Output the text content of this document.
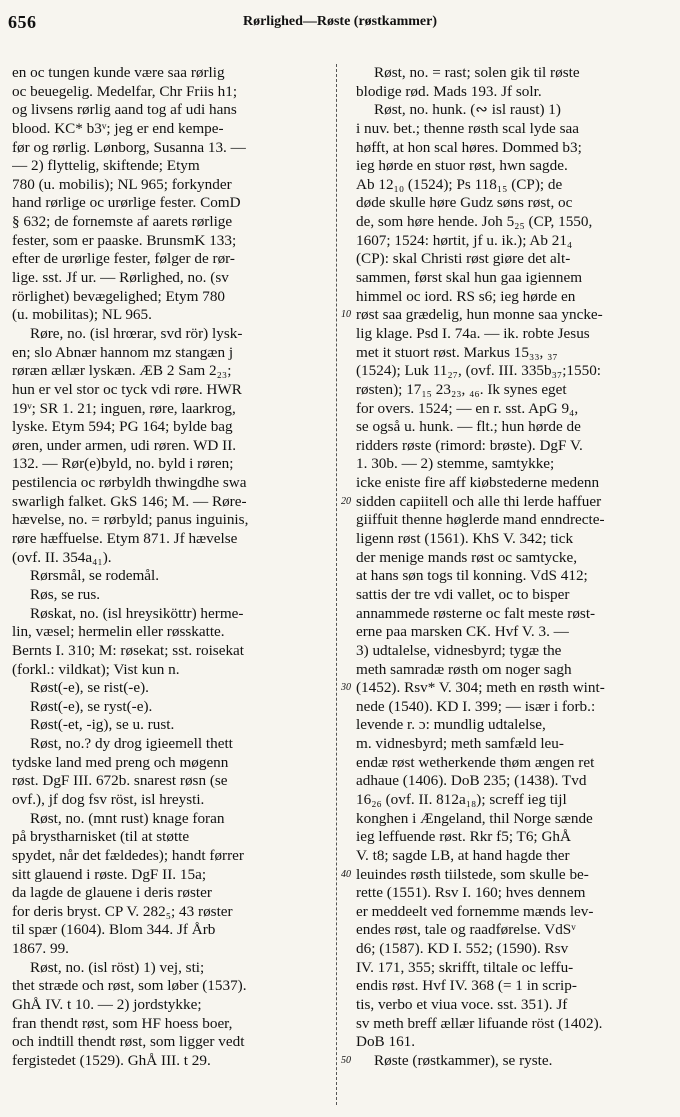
656	Rørlighed—Røste (røstkammer)
en oc tungen kunde være saa rørlig
oc beuegelig. Medelfar, Chr Friis h1;
og livsens rørlig aand tog af udi hans
blood. KC* b3ᵛ; jeg er end kempe-
før og rørlig. Lønborg, Susanna 13. —
— 2) flyttelig, skiftende; Etym
780 (u. mobilis); NL 965; forkynder
hand rørlige oc urørlige fester. ComD
§ 632; de fornemste af aarets rørlige
fester, som er paaske. BrunsmK 133;
efter de urørlige fester, følger de rør-
lige. sst. Jf ur. — Rørlighed, no. (sv
rörlighet) bevægelighed; Etym 780
(u. mobilitas); NL 965.
Røre, no. (isl hrœrar, svd rör) lysk-
en; slo Abnær hannom mz stangæn j
røræn ællær lyskæn. ÆB 2 Sam 2₂₃;
hun er vel stor oc tyck vdi røre. HWR
19ᵛ; SR 1. 21; inguen, røre, laarkrog,
lyske. Etym 594; PG 164; bylde bag
øren, under armen, udi røren. WD II.
132. — Rør(e)byld, no. byld i røren;
pestilencia oc rørbyldh thwingdhe swa
swarligh falket. GkS 146; M. — Røre-
hævelse, no. = rørbyld; panus inguinis,
røre hæffuelse. Etym 871. Jf hævelse
(ovf. II. 354a₄₁).
Rørsmål, se rodemål.
Røs, se rus.
Røskat, no. (isl hreysiköttr) herme-
lin, væsel; hermelin eller røsskatte.
Bernts I. 310; M: røsekat; sst. roisekat
(forkl.: vildkat); Vist kun n.
Røst(-e), se rist(-e).
Røst(-e), se ryst(-e).
Røst(-et, -ig), se u. rust.
Røst, no.? dy drog igieemell thett
tydske land med preng och møgenn
røst. DgF III. 672b. snarest røsn (se
ovf.), jf dog fsv röst, isl hreysti.
Røst, no. (mnt rust) knage foran
på brystharnisket (til at støtte
spydet, når det fældedes); handt førrer
sitt glauend i røste. DgF II. 15a;
da lagde de glauene i deris røster
for deris bryst. CP V. 282₅; 43 røster
til spær (1604). Blom 344. Jf Årb
1867. 99.
Røst, no. (isl röst) 1) vej, sti;
thet stræde och røst, som løber (1537).
GhÅ IV. t 10. — 2) jordstykke;
fran thendt røst, som HF hoess boer,
och indtill thendt røst, som ligger vedt
fergistedet (1529). GhÅ III. t 29.
Røst, no. = rast; solen gik til røste
blodige rød. Mads 193. Jf solr.
Røst, no. hunk. (∾ isl raust) 1)
i nuv. bet.; thenne røsth scal lyde saa
høfft, at hon scal høres. Dommed b3;
ieg hørde en stuor røst, hwn sagde.
Ab 12₁₀ (1524); Ps 118₁₅ (CP); de
døde skulle høre Gudz søns røst, oc
de, som høre hende. Joh 5₂₅ (CP, 1550,
1607; 1524: hørtit, jf u. ik.); Ab 21₄
(CP): skal Christi røst giøre det alt-
sammen, først skal hun gaa igiennem
himmel oc iord. RS s6; ieg hørde en
røst saa grædelig, hun monne saa ynckе-
lig klage. Psd I. 74a. — ik. robte Jesus
met it stuort røst. Markus 15₃₃, ₃₇
(1524); Luk 11₂₇, (ovf. III. 335b₃₇;1550:
røsten); 17₁₅ 23₂₃, ₄₆. Ik synes eget
for overs. 1524; — en r. sst. ApG 9₄,
se også u. hunk. — flt.; hun hørde de
ridders røste (rimord: brøste). DgF V.
1. 30b. — 2) stemme, samtykke;
icke eniste fire aff kiøbstederne medenn
sidden capiitell och alle thi lerde haffuer
giiffuit thenne høglerde mand enndrecte-
ligenn røst (1561). KhS V. 342; tick
der menige mands røst oc samtycke,
at hans søn togs til konning. VdS 412;
sattis der tre vdi vallet, oc to bisper
annammede røsterne oc falt meste røst-
erne paa marsken CK. Hvf V. 3. —
3) udtalelse, vidnesbyrd; tygæ the
meth samradæ røsth om noger sagh
(1452). Rsv* V. 304; meth en røsth wint-
nede (1540). KD I. 399; — især i forb.:
levende r. ɔ: mundlig udtalelse,
m. vidnesbyrd; meth samfæld leu-
endæ røst wetherkende thøm ængen ret
adhaue (1406). DoB 235; (1438). Tvd
16₂₆ (ovf. II. 812a₁₈); screff ieg tijl
konghen i Ængeland, thil Norge sænde
ieg leffuende røst. Rkr f5; T6; GhÅ
V. t8; sagde LB, at hand hagde ther
leuindes røsth tiilstede, som skulle be-
rette (1551). Rsv I. 160; hves dennem
er meddeelt ved fornemme mænds lev-
endes røst, tale og raadførelse. VdSᵛ
d6; (1587). KD I. 552; (1590). Rsv
IV. 171, 355; skrifft, tiltale oc leffu-
endis røst. Hvf IV. 368 (= 1 in scrip-
tis, verbo et viua voce. sst. 351). Jf
sv meth breff ællær lifuande röst (1402).
DoB 161.
Røste (røstkammer), se ryste.
10
20
30
40
50
